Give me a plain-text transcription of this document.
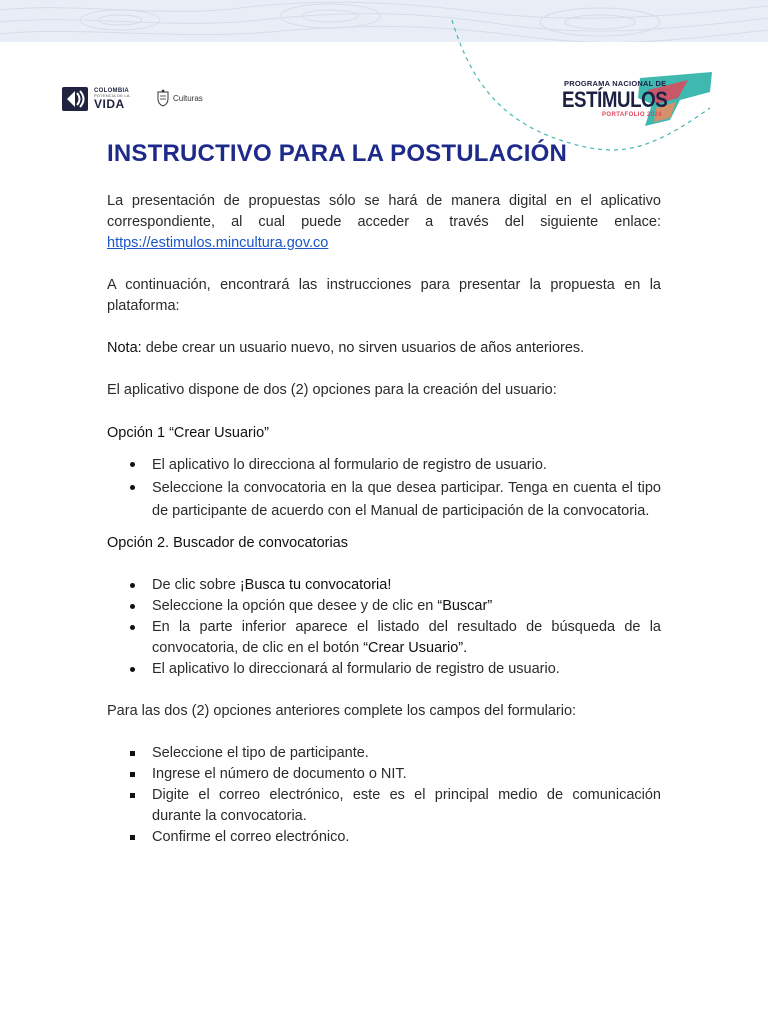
COLOMBIA
POTENCIA DE LA
VIDA	Culturas
PROGRAMA NACIONAL DE
ESTÍMULOS
PORTAFOLIO 2024
INSTRUCTIVO PARA LA POSTULACIÓN

La presentación de propuestas sólo se hará de manera digital en el aplicativo correspondiente, al cual puede acceder a través del siguiente enlace: https://estimulos.mincultura.gov.co

A continuación, encontrará las instrucciones para presentar la propuesta en la plataforma:

Nota: debe crear un usuario nuevo, no sirven usuarios de años anteriores.

El aplicativo dispone de dos (2) opciones para la creación del usuario:

Opción 1 “Crear Usuario”

El aplicativo lo direcciona al formulario de registro de usuario.
Seleccione la convocatoria en la que desea participar. Tenga en cuenta el tipo de participante de acuerdo con el Manual de participación de la convocatoria.

Opción 2. Buscador de convocatorias

De clic sobre ¡Busca tu convocatoria!
Seleccione la opción que desee y de clic en “Buscar”
En la parte inferior aparece el listado del resultado de búsqueda de la convocatoria, de clic en el botón “Crear Usuario”.
El aplicativo lo direccionará al formulario de registro de usuario.

Para las dos (2) opciones anteriores complete los campos del formulario:

Seleccione el tipo de participante.
Ingrese el número de documento o NIT.
Digite el correo electrónico, este es el principal medio de comunicación durante la convocatoria.
Confirme el correo electrónico.
